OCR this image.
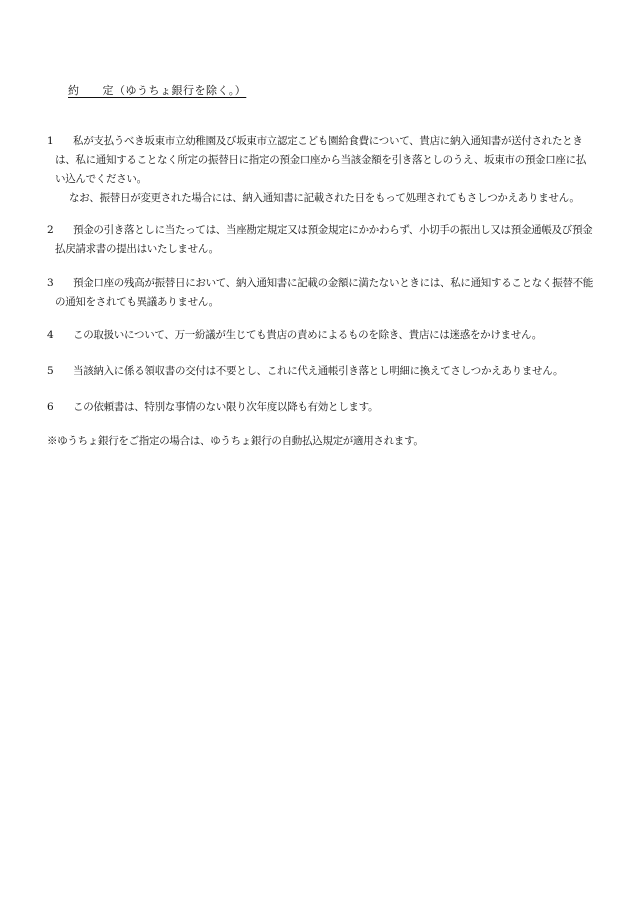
約　　定（ゆうちょ銀行を除く。）
1	私が支払うべき坂東市立幼稚園及び坂東市立認定こども園給食費について、貴店に納入通知書が送付されたときは、私に通知することなく所定の振替日に指定の預金口座から当該金額を引き落としのうえ、坂東市の預金口座に払い込んでください。
なお、振替日が変更された場合には、納入通知書に記載された日をもって処理されてもさしつかえありません。
2	預金の引き落としに当たっては、当座勘定規定又は預金規定にかかわらず、小切手の振出し又は預金通帳及び預金払戻請求書の提出はいたしません。
3	預金口座の残高が振替日において、納入通知書に記載の金額に満たないときには、私に通知することなく振替不能の通知をされても異議ありません。
4	この取扱いについて、万一紛議が生じても貴店の責めによるものを除き、貴店には迷惑をかけません。
5	当該納入に係る領収書の交付は不要とし、これに代え通帳引き落とし明細に換えてさしつかえありません。
6	この依頼書は、特別な事情のない限り次年度以降も有効とします。
※ゆうちょ銀行をご指定の場合は、ゆうちょ銀行の自動払込規定が適用されます。
